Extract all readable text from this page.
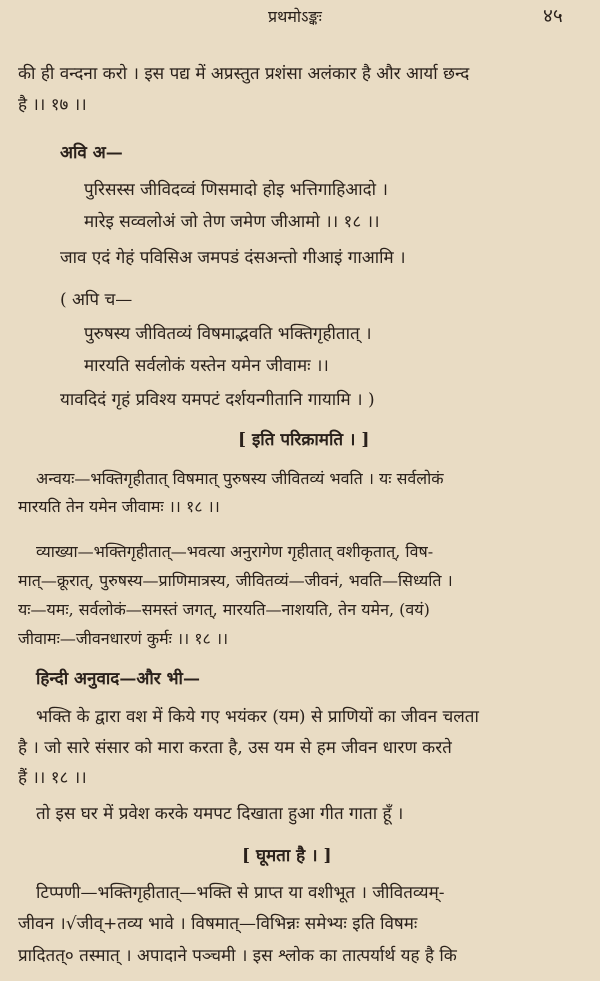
प्रथमोऽङ्कः	४५
की ही वन्दना करो । इस पद्य में अप्रस्तुत प्रशंसा अलंकार है और आर्या छन्द
है ।। १७ ।।
अवि अ—
पुरिसस्स जीविदव्वं णिसमादो होइ भत्तिगाहिआदो ।
मारेइ सव्वलोअं जो तेण जमेण जीआमो ।। १८ ।।
जाव एदं गेहं पविसिअ जमपडं दंसअन्तो गीआइं गाआमि ।
( अपि च—
पुरुषस्य जीवितव्यं विषमाद्भवति भक्तिगृहीतात् ।
मारयति सर्वलोकं यस्तेन यमेन जीवामः ।।
यावदिदं गृहं प्रविश्य यमपटं दर्शयन्गीतानि गायामि । )
[ इति परिक्रामति । ]
अन्वयः—भक्तिगृहीतात् विषमात् पुरुषस्य जीवितव्यं भवति । यः सर्वलोकं
मारयति तेन यमेन जीवामः ।। १८ ।।
व्याख्या—भक्तिगृहीतात्—भवत्या अनुरागेण गृहीतात् वशीकृतात्, विष-
मात्—क्रूरात्, पुरुषस्य—प्राणिमात्रस्य, जीवितव्यं—जीवनं, भवति—सिध्यति ।
यः—यमः, सर्वलोकं—समस्तं जगत्, मारयति—नाशयति, तेन यमेन, (वयं)
जीवामः—जीवनधारणं कुर्मः ।। १८ ।।
हिन्दी अनुवाद—और भी—
भक्ति के द्वारा वश में किये गए भयंकर (यम) से प्राणियों का जीवन चलता
है । जो सारे संसार को मारा करता है, उस यम से हम जीवन धारण करते
हैं ।। १८ ।।
तो इस घर में प्रवेश करके यमपट दिखाता हुआ गीत गाता हूँ ।
[ घूमता है । ]
टिप्पणी—भक्तिगृहीतात्—भक्ति से प्राप्त या वशीभूत । जीवितव्यम्-
जीवन ।√जीव्+तव्य भावे । विषमात्—विभिन्नः समेभ्यः इति विषमः
प्रादितत्० तस्मात् । अपादाने पञ्चमी । इस श्लोक का तात्पर्यार्थ यह है कि
